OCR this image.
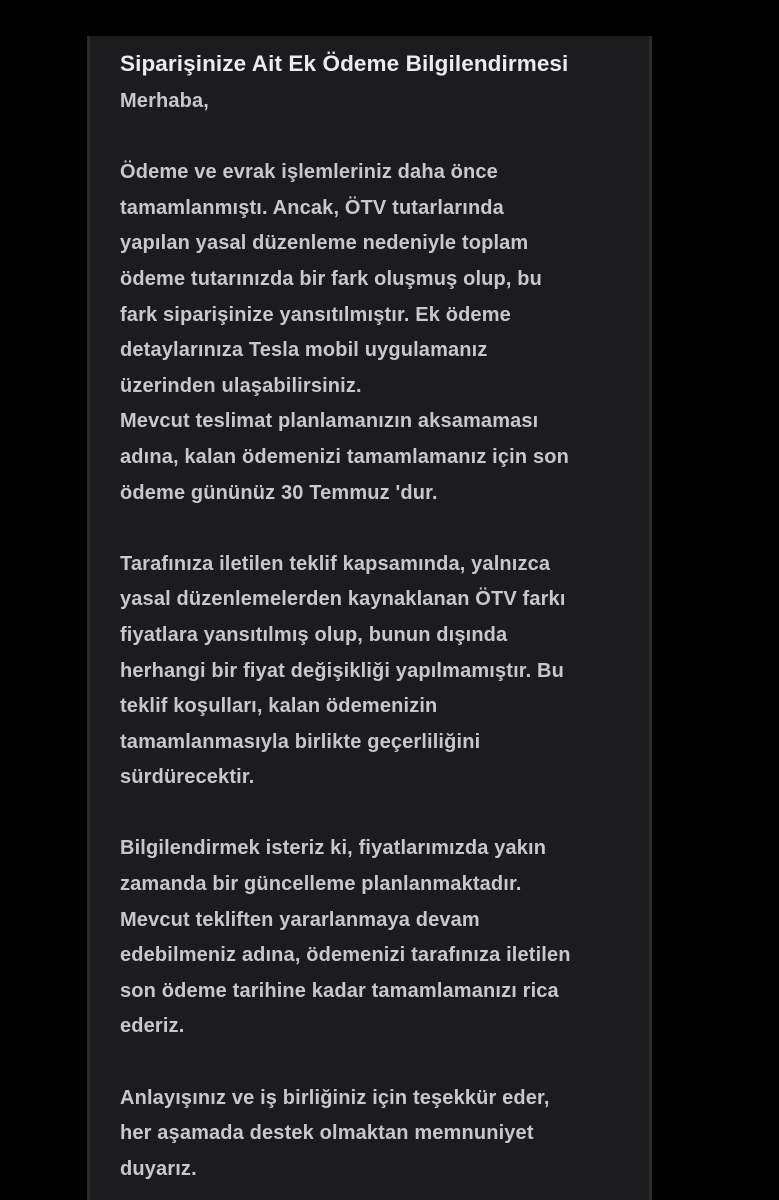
Siparişinize Ait Ek Ödeme Bilgilendirmesi

Merhaba,

Ödeme ve evrak işlemleriniz daha önce
tamamlanmıştı. Ancak, ÖTV tutarlarında
yapılan yasal düzenleme nedeniyle toplam
ödeme tutarınızda bir fark oluşmuş olup, bu
fark siparişinize yansıtılmıştır. Ek ödeme
detaylarınıza Tesla mobil uygulamanız
üzerinden ulaşabilirsiniz.
Mevcut teslimat planlamanızın aksamaması
adına, kalan ödemenizi tamamlamanız için son
ödeme gününüz 30 Temmuz 'dur.
Tarafınıza iletilen teklif kapsamında, yalnızca
yasal düzenlemelerden kaynaklanan ÖTV farkı
fiyatlara yansıtılmış olup, bunun dışında
herhangi bir fiyat değişikliği yapılmamıştır. Bu
teklif koşulları, kalan ödemenizin
tamamlanmasıyla birlikte geçerliliğini
sürdürecektir.
Bilgilendirmek isteriz ki, fiyatlarımızda yakın
zamanda bir güncelleme planlanmaktadır.
Mevcut tekliften yararlanmaya devam
edebilmeniz adına, ödemenizi tarafınıza iletilen
son ödeme tarihine kadar tamamlamanızı rica
ederiz.
Anlayışınız ve iş birliğiniz için teşekkür eder,
her aşamada destek olmaktan memnuniyet
duyarız.
